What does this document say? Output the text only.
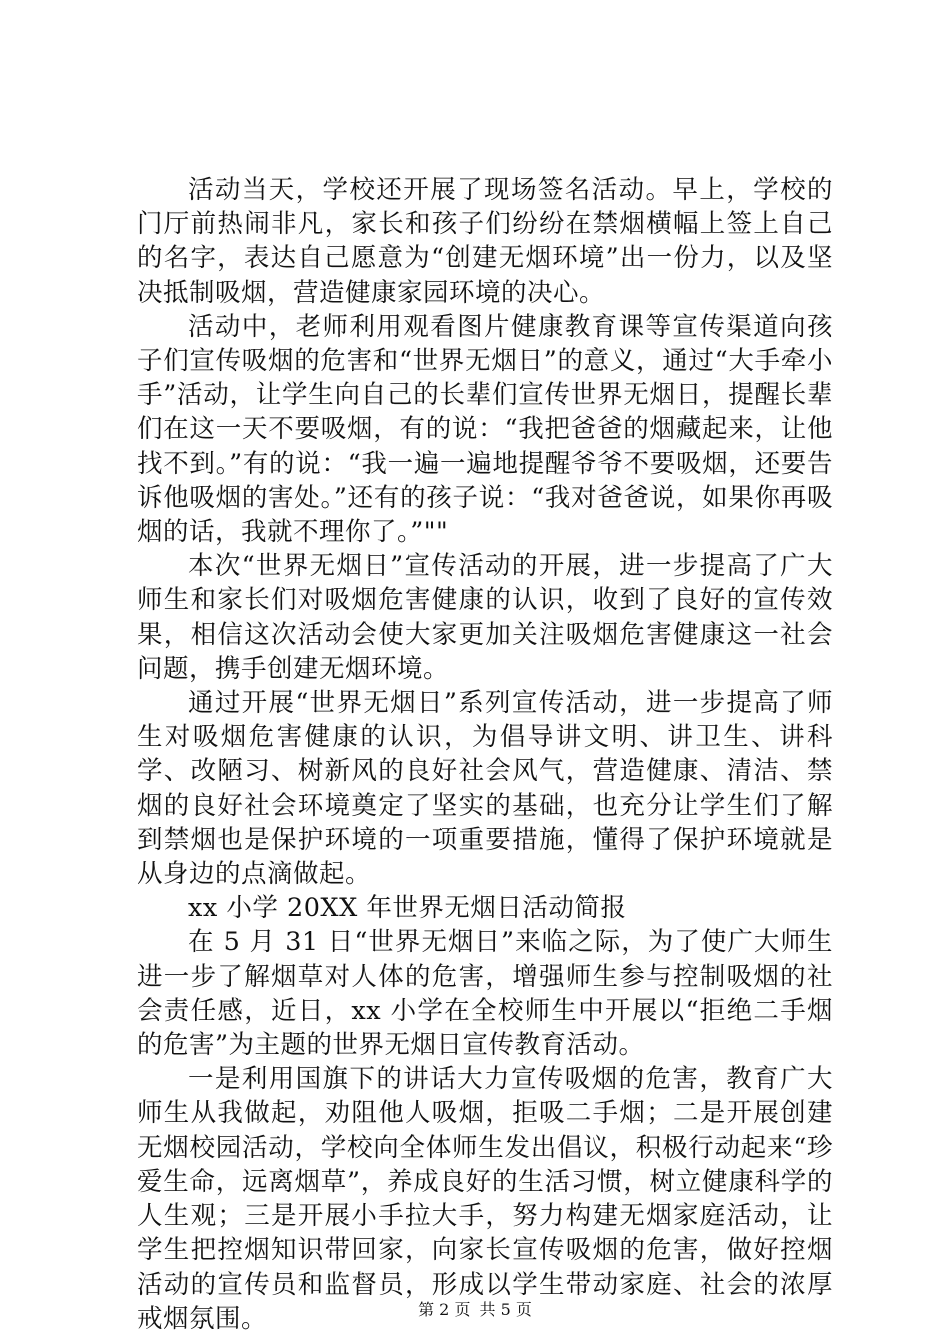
活动当天，学校还开展了现场签名活动。早上，学校的门厅前热闹非凡，家长和孩子们纷纷在禁烟横幅上签上自己的名字，表达自己愿意为“创建无烟环境”出一份力，以及坚决抵制吸烟，营造健康家园环境的决心。

活动中，老师利用观看图片健康教育课等宣传渠道向孩子们宣传吸烟的危害和“世界无烟日”的意义，通过“大手牵小手”活动，让学生向自己的长辈们宣传世界无烟日，提醒长辈们在这一天不要吸烟，有的说：“我把爸爸的烟藏起来，让他找不到。”有的说：“我一遍一遍地提醒爷爷不要吸烟，还要告诉他吸烟的害处。”还有的孩子说：“我对爸爸说，如果你再吸烟的话，我就不理你了。”""

本次“世界无烟日”宣传活动的开展，进一步提高了广大师生和家长们对吸烟危害健康的认识，收到了良好的宣传效果，相信这次活动会使大家更加关注吸烟危害健康这一社会问题，携手创建无烟环境。

通过开展“世界无烟日”系列宣传活动，进一步提高了师生对吸烟危害健康的认识，为倡导讲文明、讲卫生、讲科学、改陋习、树新风的良好社会风气，营造健康、清洁、禁烟的良好社会环境奠定了坚实的基础，也充分让学生们了解到禁烟也是保护环境的一项重要措施，懂得了保护环境就是从身边的点滴做起。

xx 小学 20XX 年世界无烟日活动简报

在 5 月 31 日“世界无烟日”来临之际，为了使广大师生进一步了解烟草对人体的危害，增强师生参与控制吸烟的社会责任感，近日，xx 小学在全校师生中开展以“拒绝二手烟的危害”为主题的世界无烟日宣传教育活动。

一是利用国旗下的讲话大力宣传吸烟的危害，教育广大师生从我做起，劝阻他人吸烟，拒吸二手烟；二是开展创建无烟校园活动，学校向全体师生发出倡议，积极行动起来“珍爱生命，远离烟草”，养成良好的生活习惯，树立健康科学的人生观；三是开展小手拉大手，努力构建无烟家庭活动，让学生把控烟知识带回家，向家长宣传吸烟的危害，做好控烟活动的宣传员和监督员，形成以学生带动家庭、社会的浓厚戒烟氛围。	第 2 页 共 5 页
